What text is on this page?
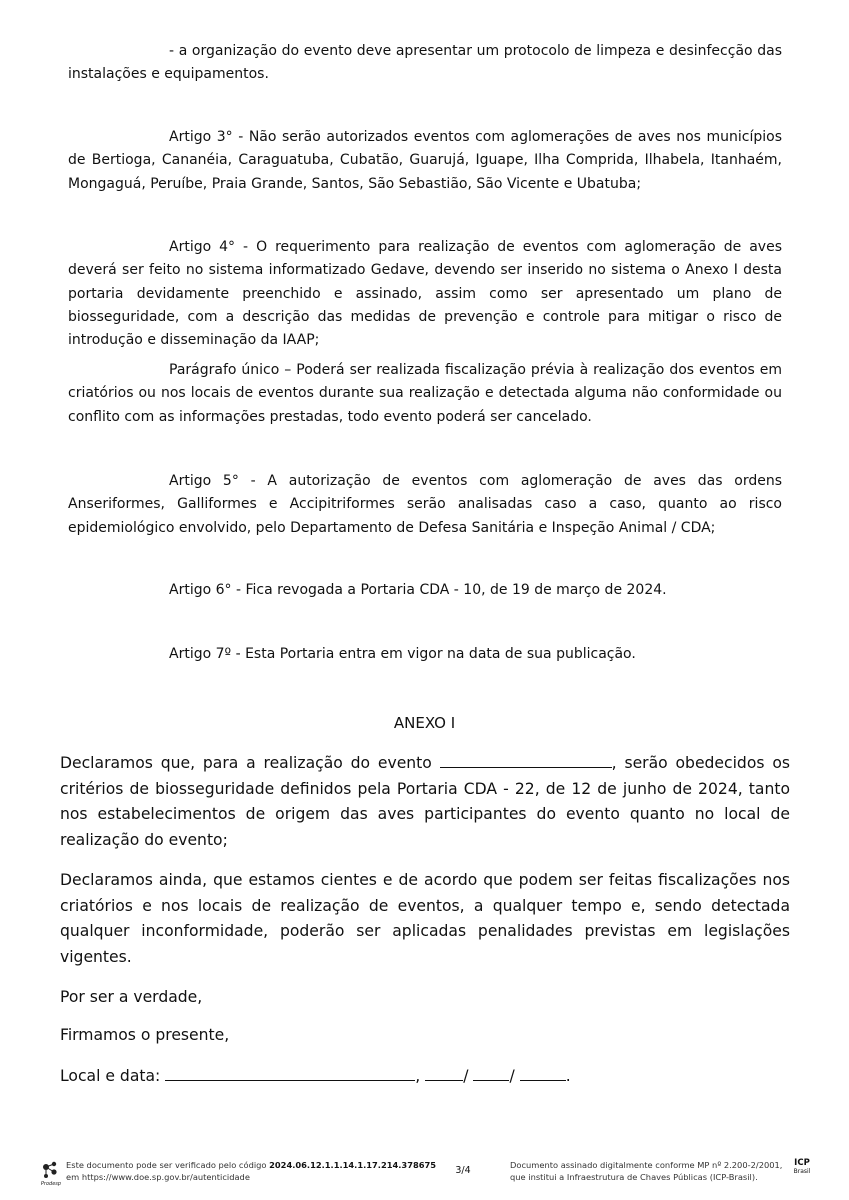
- a organização do evento deve apresentar um protocolo de limpeza e desinfecção das instalações e equipamentos.

Artigo 3° - Não serão autorizados eventos com aglomerações de aves nos municípios de Bertioga, Cananéia, Caraguatuba, Cubatão, Guarujá, Iguape, Ilha Comprida, Ilhabela, Itanhaém, Mongaguá, Peruíbe, Praia Grande, Santos, São Sebastião, São Vicente e Ubatuba;

Artigo 4° - O requerimento para realização de eventos com aglomeração de aves deverá ser feito no sistema informatizado Gedave, devendo ser inserido no sistema o Anexo I desta portaria devidamente preenchido e assinado, assim como ser apresentado um plano de biosseguridade, com a descrição das medidas de prevenção e controle para mitigar o risco de introdução e disseminação da IAAP;

Parágrafo único – Poderá ser realizada fiscalização prévia à realização dos eventos em criatórios ou nos locais de eventos durante sua realização e detectada alguma não conformidade ou conflito com as informações prestadas, todo evento poderá ser cancelado.

Artigo 5° - A autorização de eventos com aglomeração de aves das ordens Anseriformes, Galliformes e Accipitriformes serão analisadas caso a caso, quanto ao risco epidemiológico envolvido, pelo Departamento de Defesa Sanitária e Inspeção Animal / CDA;

Artigo 6° - Fica revogada a Portaria CDA - 10, de 19 de março de 2024.

Artigo 7º - Esta Portaria entra em vigor na data de sua publicação.

ANEXO I

Declaramos que, para a realização do evento	, serão obedecidos os critérios de biosseguridade definidos pela Portaria CDA - 22, de 12 de junho de 2024, tanto nos estabelecimentos de origem das aves participantes do evento quanto no local de realização do evento;

Declaramos ainda, que estamos cientes e de acordo que podem ser feitas fiscalizações nos criatórios e nos locais de realização de eventos, a qualquer tempo e, sendo detectada qualquer inconformidade, poderão ser aplicadas penalidades previstas em legislações vigentes.

Por ser a verdade,

Firmamos o presente,

Local e data:	,	/	/	.

Prodesp
Este documento pode ser verificado pelo código 2024.06.12.1.1.14.1.17.214.378675
em https://www.doe.sp.gov.br/autenticidade
3/4	Documento assinado digitalmente conforme MP nº 2.200-2/2001,
que institui a Infraestrutura de Chaves Públicas (ICP-Brasil).
ICP
Brasil
